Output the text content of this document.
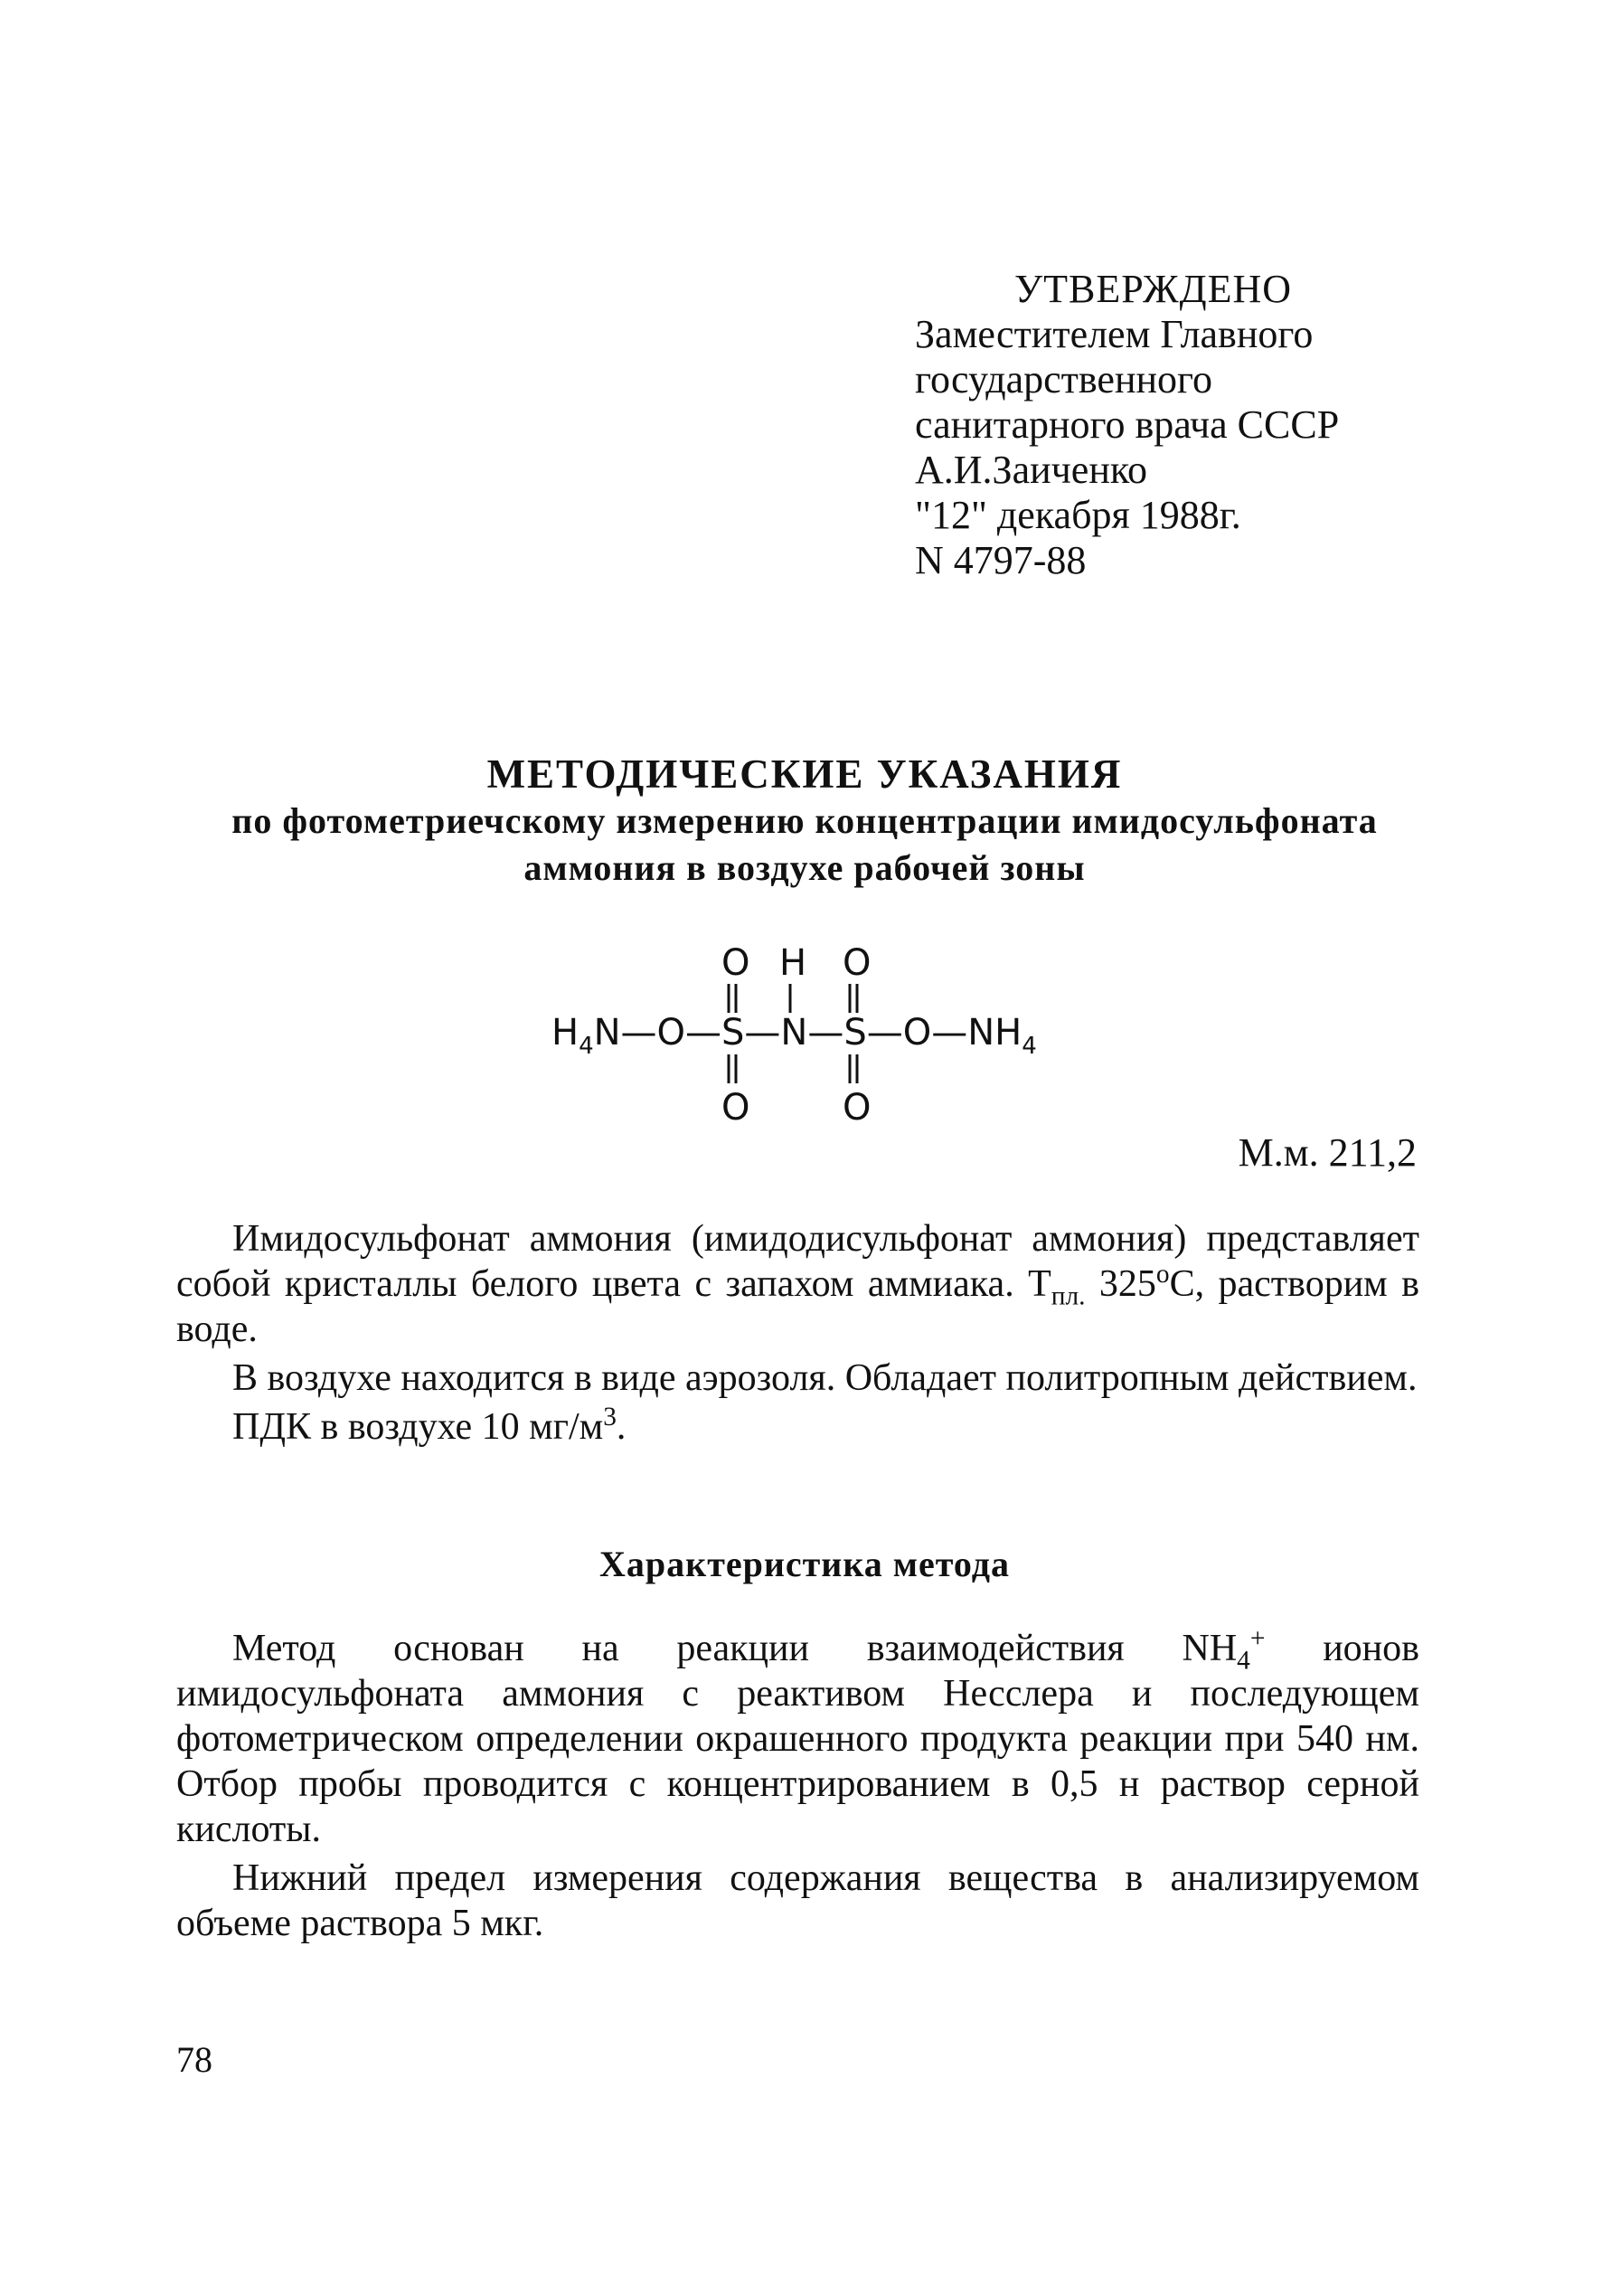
УТВЕРЖДЕНО
Заместителем Главного
государственного
санитарного врача СССР
А.И.Заиченко
"12" декабря 1988г.
N 4797-88
МЕТОДИЧЕСКИЕ УКАЗАНИЯ
по фотометриечскому измерению концентрации имидосульфоната
аммония в воздухе рабочей зоны
O H O
$H_4N—O—S—N—S—O—NH_4$
O	O
М.м. 211,2

Имидосульфонат аммония (имидодисульфонат аммония) представляет собой кристаллы белого цвета с запахом аммиака. $Т_{пл.}$ $325^оС$, растворим в воде.

В воздухе находится в виде аэрозоля. Обладает политропным действием.

ПДК в воздухе 10 $мг/м^3$.

Характеристика метода

Метод основан на реакции взаимодействия $NH_4^+$ ионов имидосульфоната аммония с реактивом Несслера и последующем фотометрическом определении окрашенного продукта реакции при 540 нм. Отбор пробы проводится с концентрированием в 0,5 н раствор серной кислоты.

Нижний предел измерения содержания вещества в анализируемом объеме раствора 5 мкг.

78
